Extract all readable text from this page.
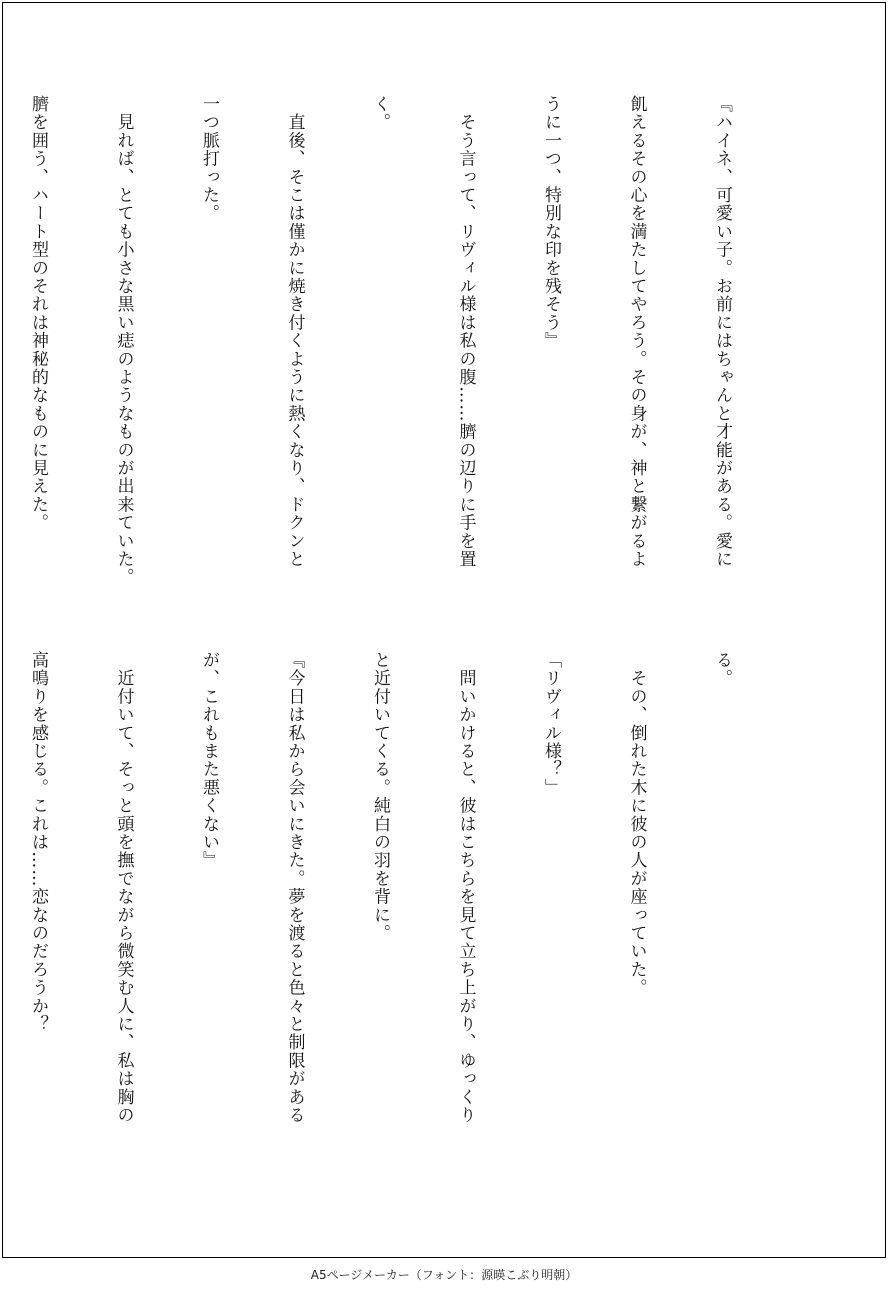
『ハイネ、可愛い子。お前にはちゃんと才能がある。愛に

飢えるその心を満たしてやろう。その身が、神と繋がるよ

うに一つ、特別な印を残そう』

　そう言って、リヴィル様は私の腹……臍の辺りに手を置

く。

　直後、そこは僅かに焼き付くように熱くなり、ドクンと

一つ脈打った。

　見れば、とても小さな黒い痣のようなものが出来ていた。

臍を囲う、ハート型のそれは神秘的なものに見えた。

る。

　その、倒れた木に彼の人が座っていた。

「リヴィル様？」

　問いかけると、彼はこちらを見て立ち上がり、ゆっくり

と近付いてくる。純白の羽を背に。

『今日は私から会いにきた。夢を渡ると色々と制限がある

が、これもまた悪くない』

　近付いて、そっと頭を撫でながら微笑む人に、私は胸の

高鳴りを感じる。これは……恋なのだろうか？

A5ページメーカー（フォント：源暎こぶり明朝）
